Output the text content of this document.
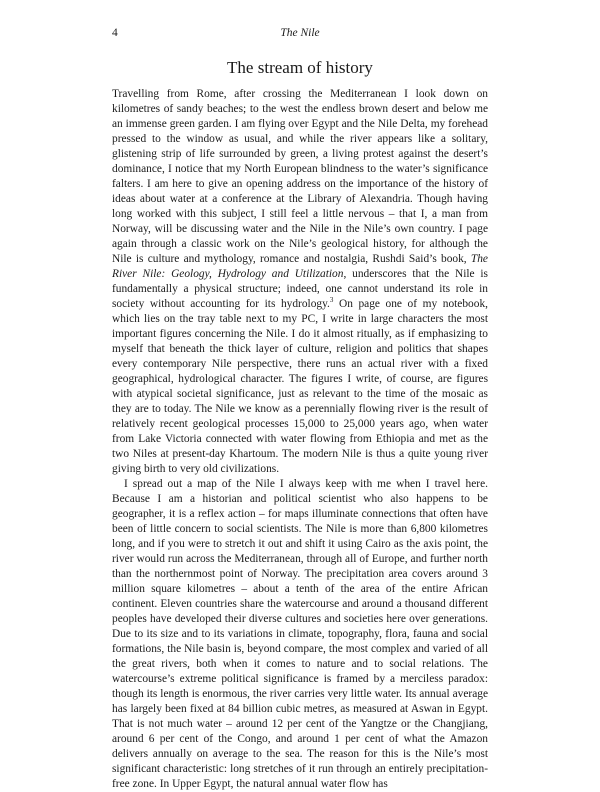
4	The Nile
The stream of history

Travelling from Rome, after crossing the Mediterranean I look down on kilometres of sandy beaches; to the west the endless brown desert and below me an immense green garden. I am flying over Egypt and the Nile Delta, my forehead pressed to the window as usual, and while the river appears like a solitary, glistening strip of life surrounded by green, a living protest against the desert’s dominance, I notice that my North European blindness to the water’s significance falters. I am here to give an opening address on the importance of the history of ideas about water at a conference at the Library of Alexandria. Though having long worked with this subject, I still feel a little nervous – that I, a man from Norway, will be discussing water and the Nile in the Nile’s own country. I page again through a classic work on the Nile’s geological history, for although the Nile is culture and mythology, romance and nostalgia, Rushdi Said’s book, The River Nile: Geology, Hydrology and Utilization, underscores that the Nile is fundamentally a physical structure; indeed, one cannot understand its role in society without accounting for its hydrology.$^3$ On page one of my notebook, which lies on the tray table next to my PC, I write in large characters the most important figures concerning the Nile. I do it almost ritually, as if emphasizing to myself that beneath the thick layer of culture, religion and politics that shapes every contemporary Nile perspective, there runs an actual river with a fixed geographical, hydrological character. The figures I write, of course, are figures with atypical societal significance, just as relevant to the time of the mosaic as they are to today. The Nile we know as a perennially flowing river is the result of relatively recent geological processes 15,000 to 25,000 years ago, when water from Lake Victoria connected with water flowing from Ethiopia and met as the two Niles at present-day Khartoum. The modern Nile is thus a quite young river giving birth to very old civilizations.

I spread out a map of the Nile I always keep with me when I travel here. Because I am a historian and political scientist who also happens to be geographer, it is a reflex action – for maps illuminate connections that often have been of little concern to social scientists. The Nile is more than 6,800 kilometres long, and if you were to stretch it out and shift it using Cairo as the axis point, the river would run across the Mediterranean, through all of Europe, and further north than the northernmost point of Norway. The precipitation area covers around 3 million square kilometres – about a tenth of the area of the entire African continent. Eleven countries share the watercourse and around a thousand different peoples have developed their diverse cultures and societies here over generations. Due to its size and to its variations in climate, topography, flora, fauna and social formations, the Nile basin is, beyond compare, the most complex and varied of all the great rivers, both when it comes to nature and to social relations. The watercourse’s extreme political significance is framed by a merciless paradox: though its length is enormous, the river carries very little water. Its annual average has largely been fixed at 84 billion cubic metres, as measured at Aswan in Egypt. That is not much water – around 12 per cent of the Yangtze or the Changjiang, around 6 per cent of the Congo, and around 1 per cent of what the Amazon delivers annually on average to the sea. The reason for this is the Nile’s most significant characteristic: long stretches of it run through an entirely precipitation-free zone. In Upper Egypt, the natural annual water flow has
